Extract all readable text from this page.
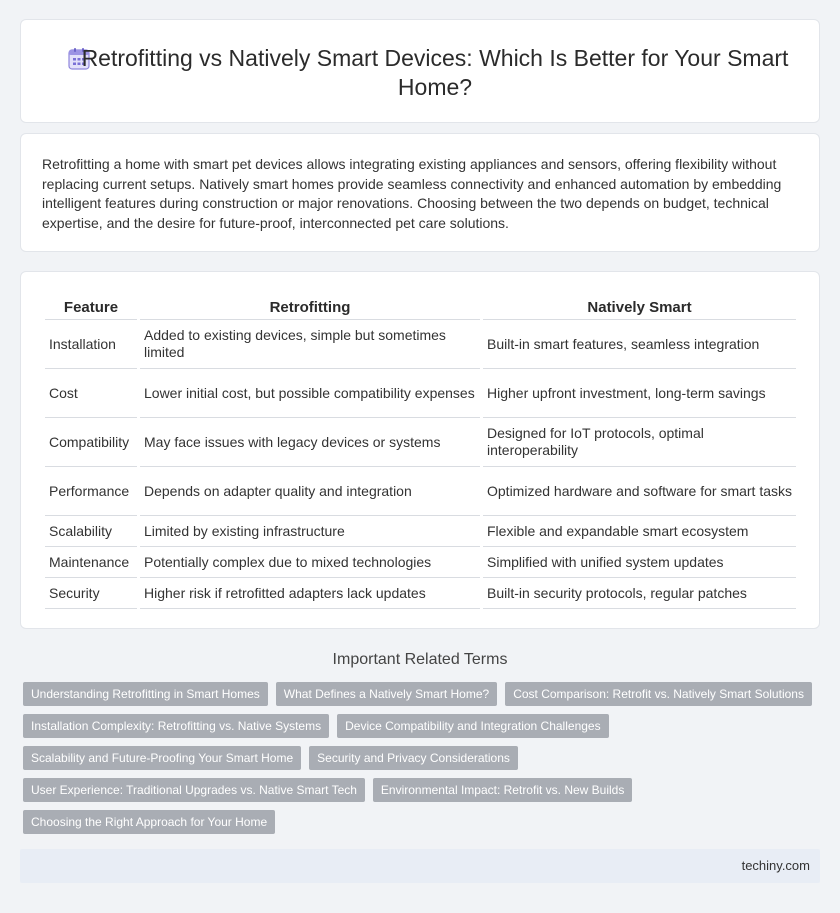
Retrofitting vs Natively Smart Devices: Which Is Better for Your Smart Home?

Retrofitting a home with smart pet devices allows integrating existing appliances and sensors, offering flexibility without replacing current setups. Natively smart homes provide seamless connectivity and enhanced automation by embedding intelligent features during construction or major renovations. Choosing between the two depends on budget, technical expertise, and the desire for future-proof, interconnected pet care solutions.

Feature	Retrofitting	Natively Smart
Installation	Added to existing devices, simple but sometimes limited	Built-in smart features, seamless integration
Cost	Lower initial cost, but possible compatibility expenses	Higher upfront investment, long-term savings
Compatibility	May face issues with legacy devices or systems	Designed for IoT protocols, optimal interoperability
Performance	Depends on adapter quality and integration	Optimized hardware and software for smart tasks
Scalability	Limited by existing infrastructure	Flexible and expandable smart ecosystem
Maintenance	Potentially complex due to mixed technologies	Simplified with unified system updates
Security	Higher risk if retrofitted adapters lack updates	Built-in security protocols, regular patches
Important Related Terms
Understanding Retrofitting in Smart Homes	What Defines a Natively Smart Home?	Cost Comparison: Retrofit vs. Natively Smart Solutions
Installation Complexity: Retrofitting vs. Native Systems	Device Compatibility and Integration Challenges
Scalability and Future-Proofing Your Smart Home	Security and Privacy Considerations
User Experience: Traditional Upgrades vs. Native Smart Tech	Environmental Impact: Retrofit vs. New Builds
Choosing the Right Approach for Your Home
techiny.com
